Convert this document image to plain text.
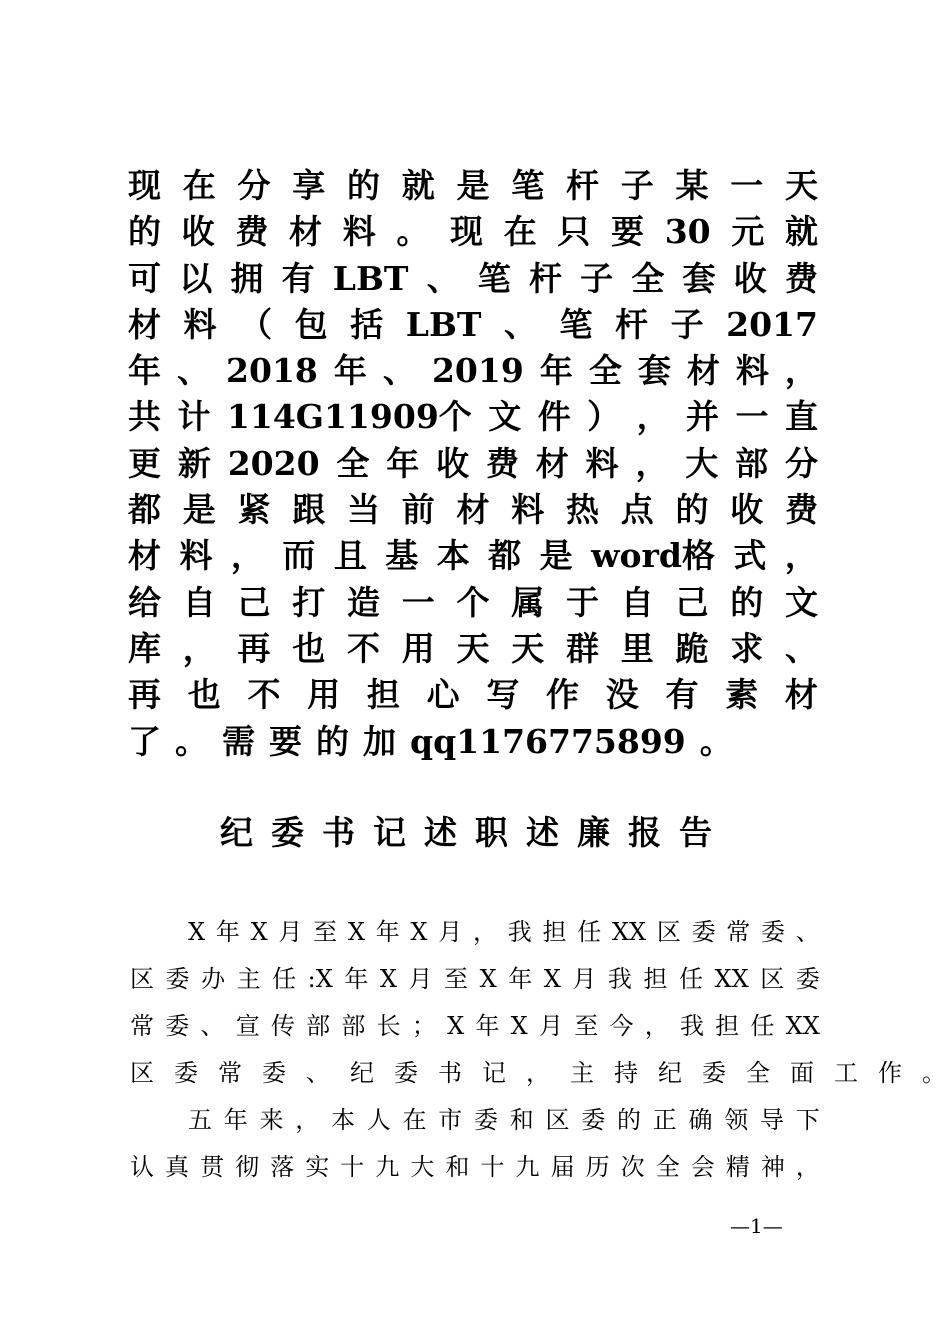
现 在 分 享 的 就 是 笔 杆 子 某 一 天
的 收 费 材 料 。 现 在 只 要 30 元 就
可 以 拥 有 LBT 、 笔 杆 子 全 套 收 费
材 料 （ 包 括 LBT 、 笔 杆 子 2017
年 、 2018 年 、 2019 年 全 套 材 料 ，
共 计 114G11909个 文 件 ） ， 并 一 直
更 新 2020 全 年 收 费 材 料 ， 大 部 分
都 是 紧 跟 当 前 材 料 热 点 的 收 费
材 料 ， 而 且 基 本 都 是 word格 式 ，
给 自 己 打 造 一 个 属 于 自 己 的 文
库 ， 再 也 不 用 天 天 群 里 跪 求 、
再 也 不 用 担 心 写 作 没 有 素 材
了 。 需 要 的 加 qq1176775899 。
纪委书记述职述廉报告
X 年 X 月 至 X 年 X 月 ， 我 担 任 XX 区 委 常 委 、
区 委 办 主 任 :X 年 X 月 至 X 年 X 月 我 担 任 XX 区 委
常 委 、 宣 传 部 部 长 ； X 年 X 月 至 今 ， 我 担 任 XX
区 委 常 委 、 纪 委 书 记 ， 主 持 纪 委 全 面 工 作 。
五 年 来 ， 本 人 在 市 委 和 区 委 的 正 确 领 导 下
认 真 贯 彻 落 实 十 九 大 和 十 九 届 历 次 全 会 精 神 ，
—1—
